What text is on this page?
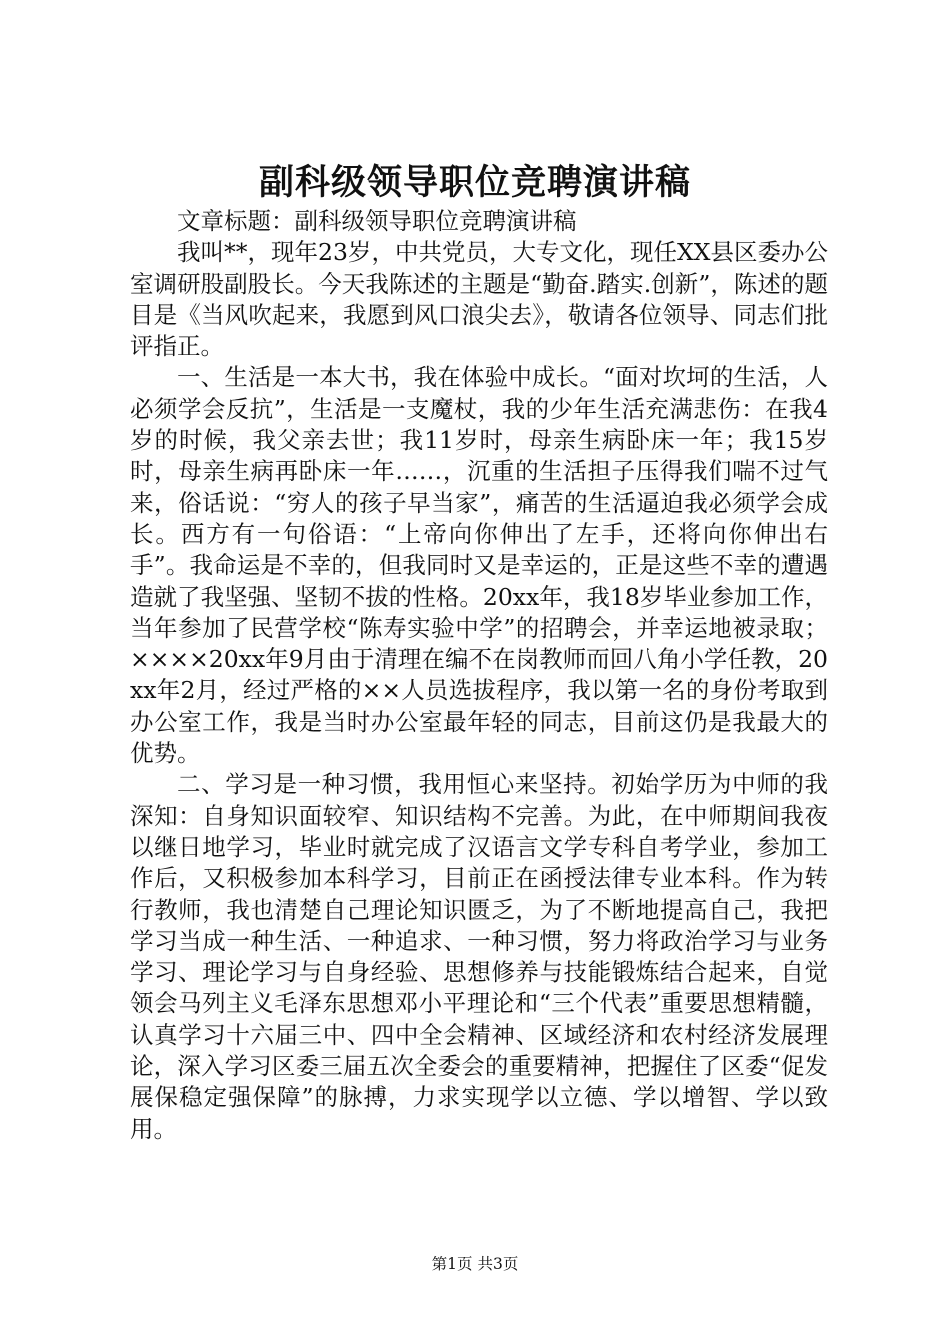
副科级领导职位竞聘演讲稿

文章标题：副科级领导职位竞聘演讲稿

我叫**，现年23岁，中共党员，大专文化，现任XX县区委办公室调研股副股长。今天我陈述的主题是“勤奋.踏实.创新”，陈述的题目是《当风吹起来，我愿到风口浪尖去》，敬请各位领导、同志们批评指正。

一、生活是一本大书，我在体验中成长。“面对坎坷的生活，人必须学会反抗”，生活是一支魔杖，我的少年生活充满悲伤：在我4岁的时候，我父亲去世；我11岁时，母亲生病卧床一年；我15岁时，母亲生病再卧床一年……，沉重的生活担子压得我们喘不过气来，俗话说：“穷人的孩子早当家”，痛苦的生活逼迫我必须学会成长。西方有一句俗语：“上帝向你伸出了左手，还将向你伸出右手”。我命运是不幸的，但我同时又是幸运的，正是这些不幸的遭遇造就了我坚强、坚韧不拔的性格。20xx年，我18岁毕业参加工作，当年参加了民营学校“陈寿实验中学”的招聘会，并幸运地被录取；××××20xx年9月由于清理在编不在岗教师而回八角小学任教，20xx年2月，经过严格的××人员选拔程序，我以第一名的身份考取到办公室工作，我是当时办公室最年轻的同志，目前这仍是我最大的优势。

二、学习是一种习惯，我用恒心来坚持。初始学历为中师的我深知：自身知识面较窄、知识结构不完善。为此，在中师期间我夜以继日地学习，毕业时就完成了汉语言文学专科自考学业，参加工作后，又积极参加本科学习，目前正在函授法律专业本科。作为转行教师，我也清楚自己理论知识匮乏，为了不断地提高自己，我把学习当成一种生活、一种追求、一种习惯，努力将政治学习与业务学习、理论学习与自身经验、思想修养与技能锻炼结合起来，自觉领会马列主义毛泽东思想邓小平理论和“三个代表”重要思想精髓，认真学习十六届三中、四中全会精神、区域经济和农村经济发展理论，深入学习区委三届五次全委会的重要精神，把握住了区委“促发展保稳定强保障”的脉搏，力求实现学以立德、学以增智、学以致用。

第1页 共3页
